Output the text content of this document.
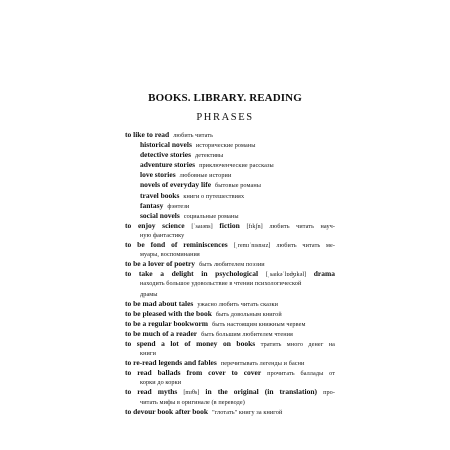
BOOKS. LIBRARY. READING
PHRASES
to like to read любить читать
historical novels исторические романы
detective stories детективы
adventure stories приключенческие рассказы
love stories любовные истории
novels of everyday life бытовые романы
travel books книги о путешествиях
fantasy фэнтези
social novels социальные романы
to enjoy science [ˈsaɪəns] fiction [fɪkʃn] любить читать науч-
ную фантастику
to be fond of reminiscences [ˌremɪˈnɪsnsɪz] любить читать ме-
муары, воспоминания
to be a lover of poetry быть любителем поэзии
to take a delight in psychological [ˌsaɪkəˈlɒʤɪkəl] drama
находить большое удовольствие в чтении психологической
драмы
to be mad about tales ужасно любить читать сказки
to be pleased with the book быть довольным книгой
to be a regular bookworm быть настоящим книжным червем
to be much of a reader быть большим любителем чтения
to spend a lot of money on books тратить много денег на
книги
to re-read legends and fables перечитывать легенды и басни
to read ballads from cover to cover прочитать баллады от
корки до корки
to read myths [mɪθs] in the original (in translation) про-
читать мифы в оригинале (в переводе)
to devour book after book "глотать" книгу за книгой
